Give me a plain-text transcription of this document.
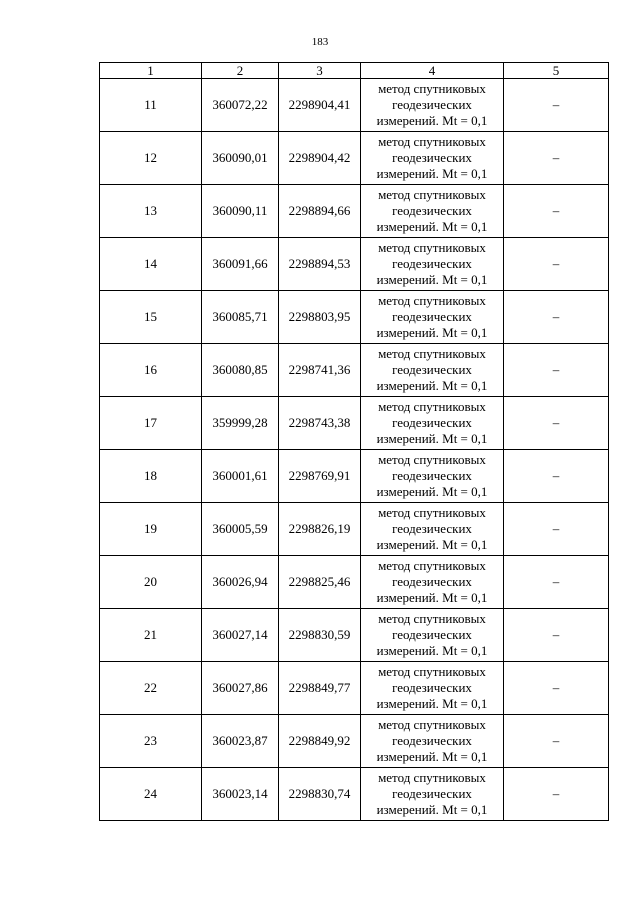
183
1	2	3	4	5
11	360072,22	2298904,41	метод спутниковых
геодезических
измерений. Mt = 0,1	–
12	360090,01	2298904,42	метод спутниковых
геодезических
измерений. Mt = 0,1	–
13	360090,11	2298894,66	метод спутниковых
геодезических
измерений. Mt = 0,1	–
14	360091,66	2298894,53	метод спутниковых
геодезических
измерений. Mt = 0,1	–
15	360085,71	2298803,95	метод спутниковых
геодезических
измерений. Mt = 0,1	–
16	360080,85	2298741,36	метод спутниковых
геодезических
измерений. Mt = 0,1	–
17	359999,28	2298743,38	метод спутниковых
геодезических
измерений. Mt = 0,1	–
18	360001,61	2298769,91	метод спутниковых
геодезических
измерений. Mt = 0,1	–
19	360005,59	2298826,19	метод спутниковых
геодезических
измерений. Mt = 0,1	–
20	360026,94	2298825,46	метод спутниковых
геодезических
измерений. Mt = 0,1	–
21	360027,14	2298830,59	метод спутниковых
геодезических
измерений. Mt = 0,1	–
22	360027,86	2298849,77	метод спутниковых
геодезических
измерений. Mt = 0,1	–
23	360023,87	2298849,92	метод спутниковых
геодезических
измерений. Mt = 0,1	–
24	360023,14	2298830,74	метод спутниковых
геодезических
измерений. Mt = 0,1	–
